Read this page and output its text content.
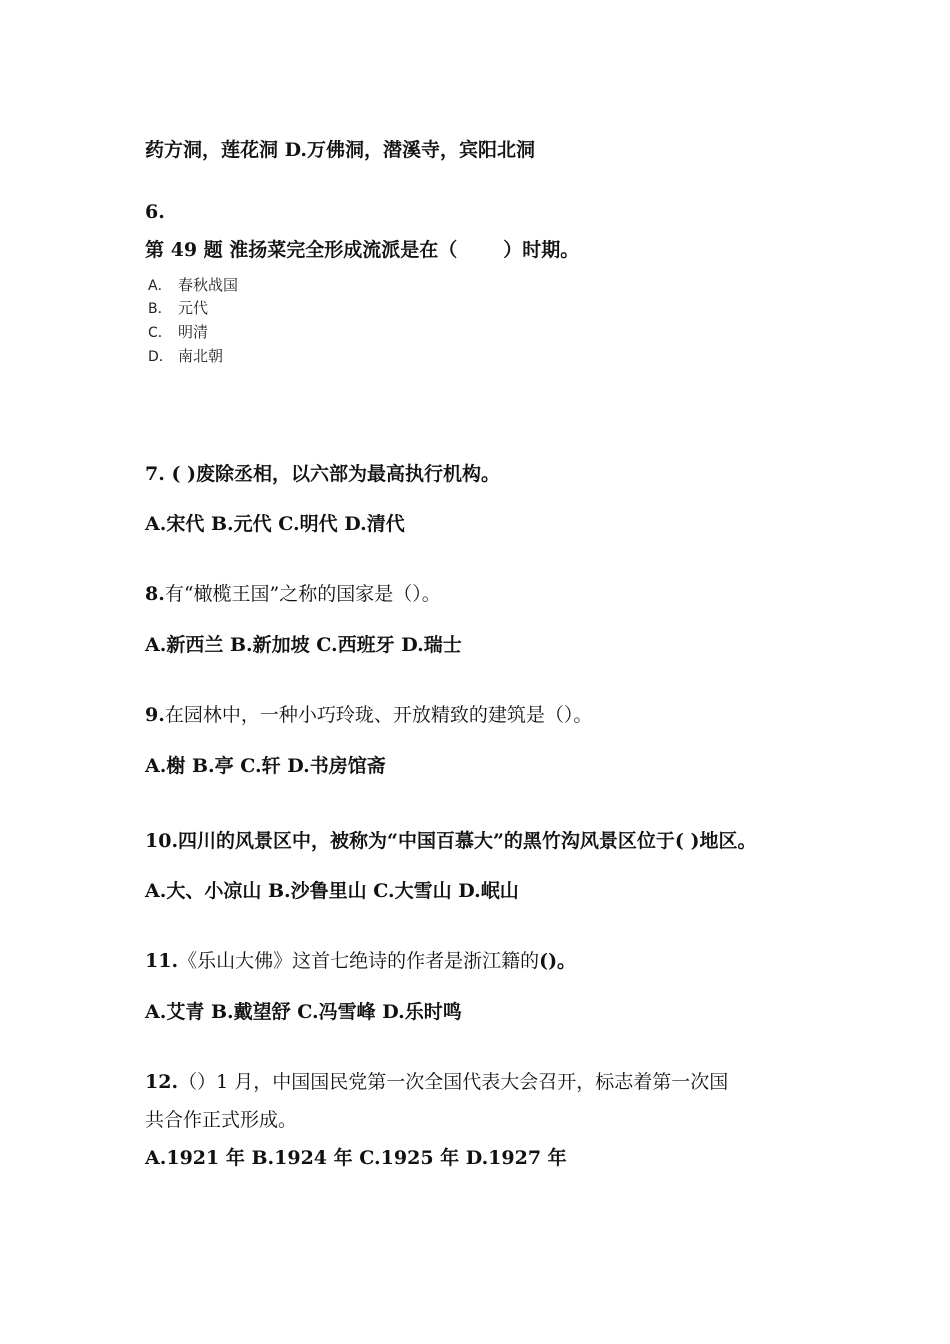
药方洞，莲花洞 D.万佛洞，潜溪寺，宾阳北洞
6.
第 49 题 淮扬菜完全形成流派是在（ ）时期。
A． 春秋战国
B． 元代
C． 明清
D． 南北朝
7. ( )废除丞相，以六部为最高执行机构。
A.宋代 B.元代 C.明代 D.清代
8.有“橄榄王国”之称的国家是（）。
A.新西兰 B.新加坡 C.西班牙 D.瑞士
9.在园林中，一种小巧玲珑、开放精致的建筑是（）。
A.榭 B.亭 C.轩 D.书房馆斋
10.四川的风景区中，被称为“中国百慕大”的黑竹沟风景区位于( )地区。
A.大、小凉山 B.沙鲁里山 C.大雪山 D.岷山
11.《乐山大佛》这首七绝诗的作者是浙江籍的()。
A.艾青 B.戴望舒 C.冯雪峰 D.乐时鸣
12.（）1 月，中国国民党第一次全国代表大会召开，标志着第一次国
共合作正式形成。
A.1921 年 B.1924 年 C.1925 年 D.1927 年
